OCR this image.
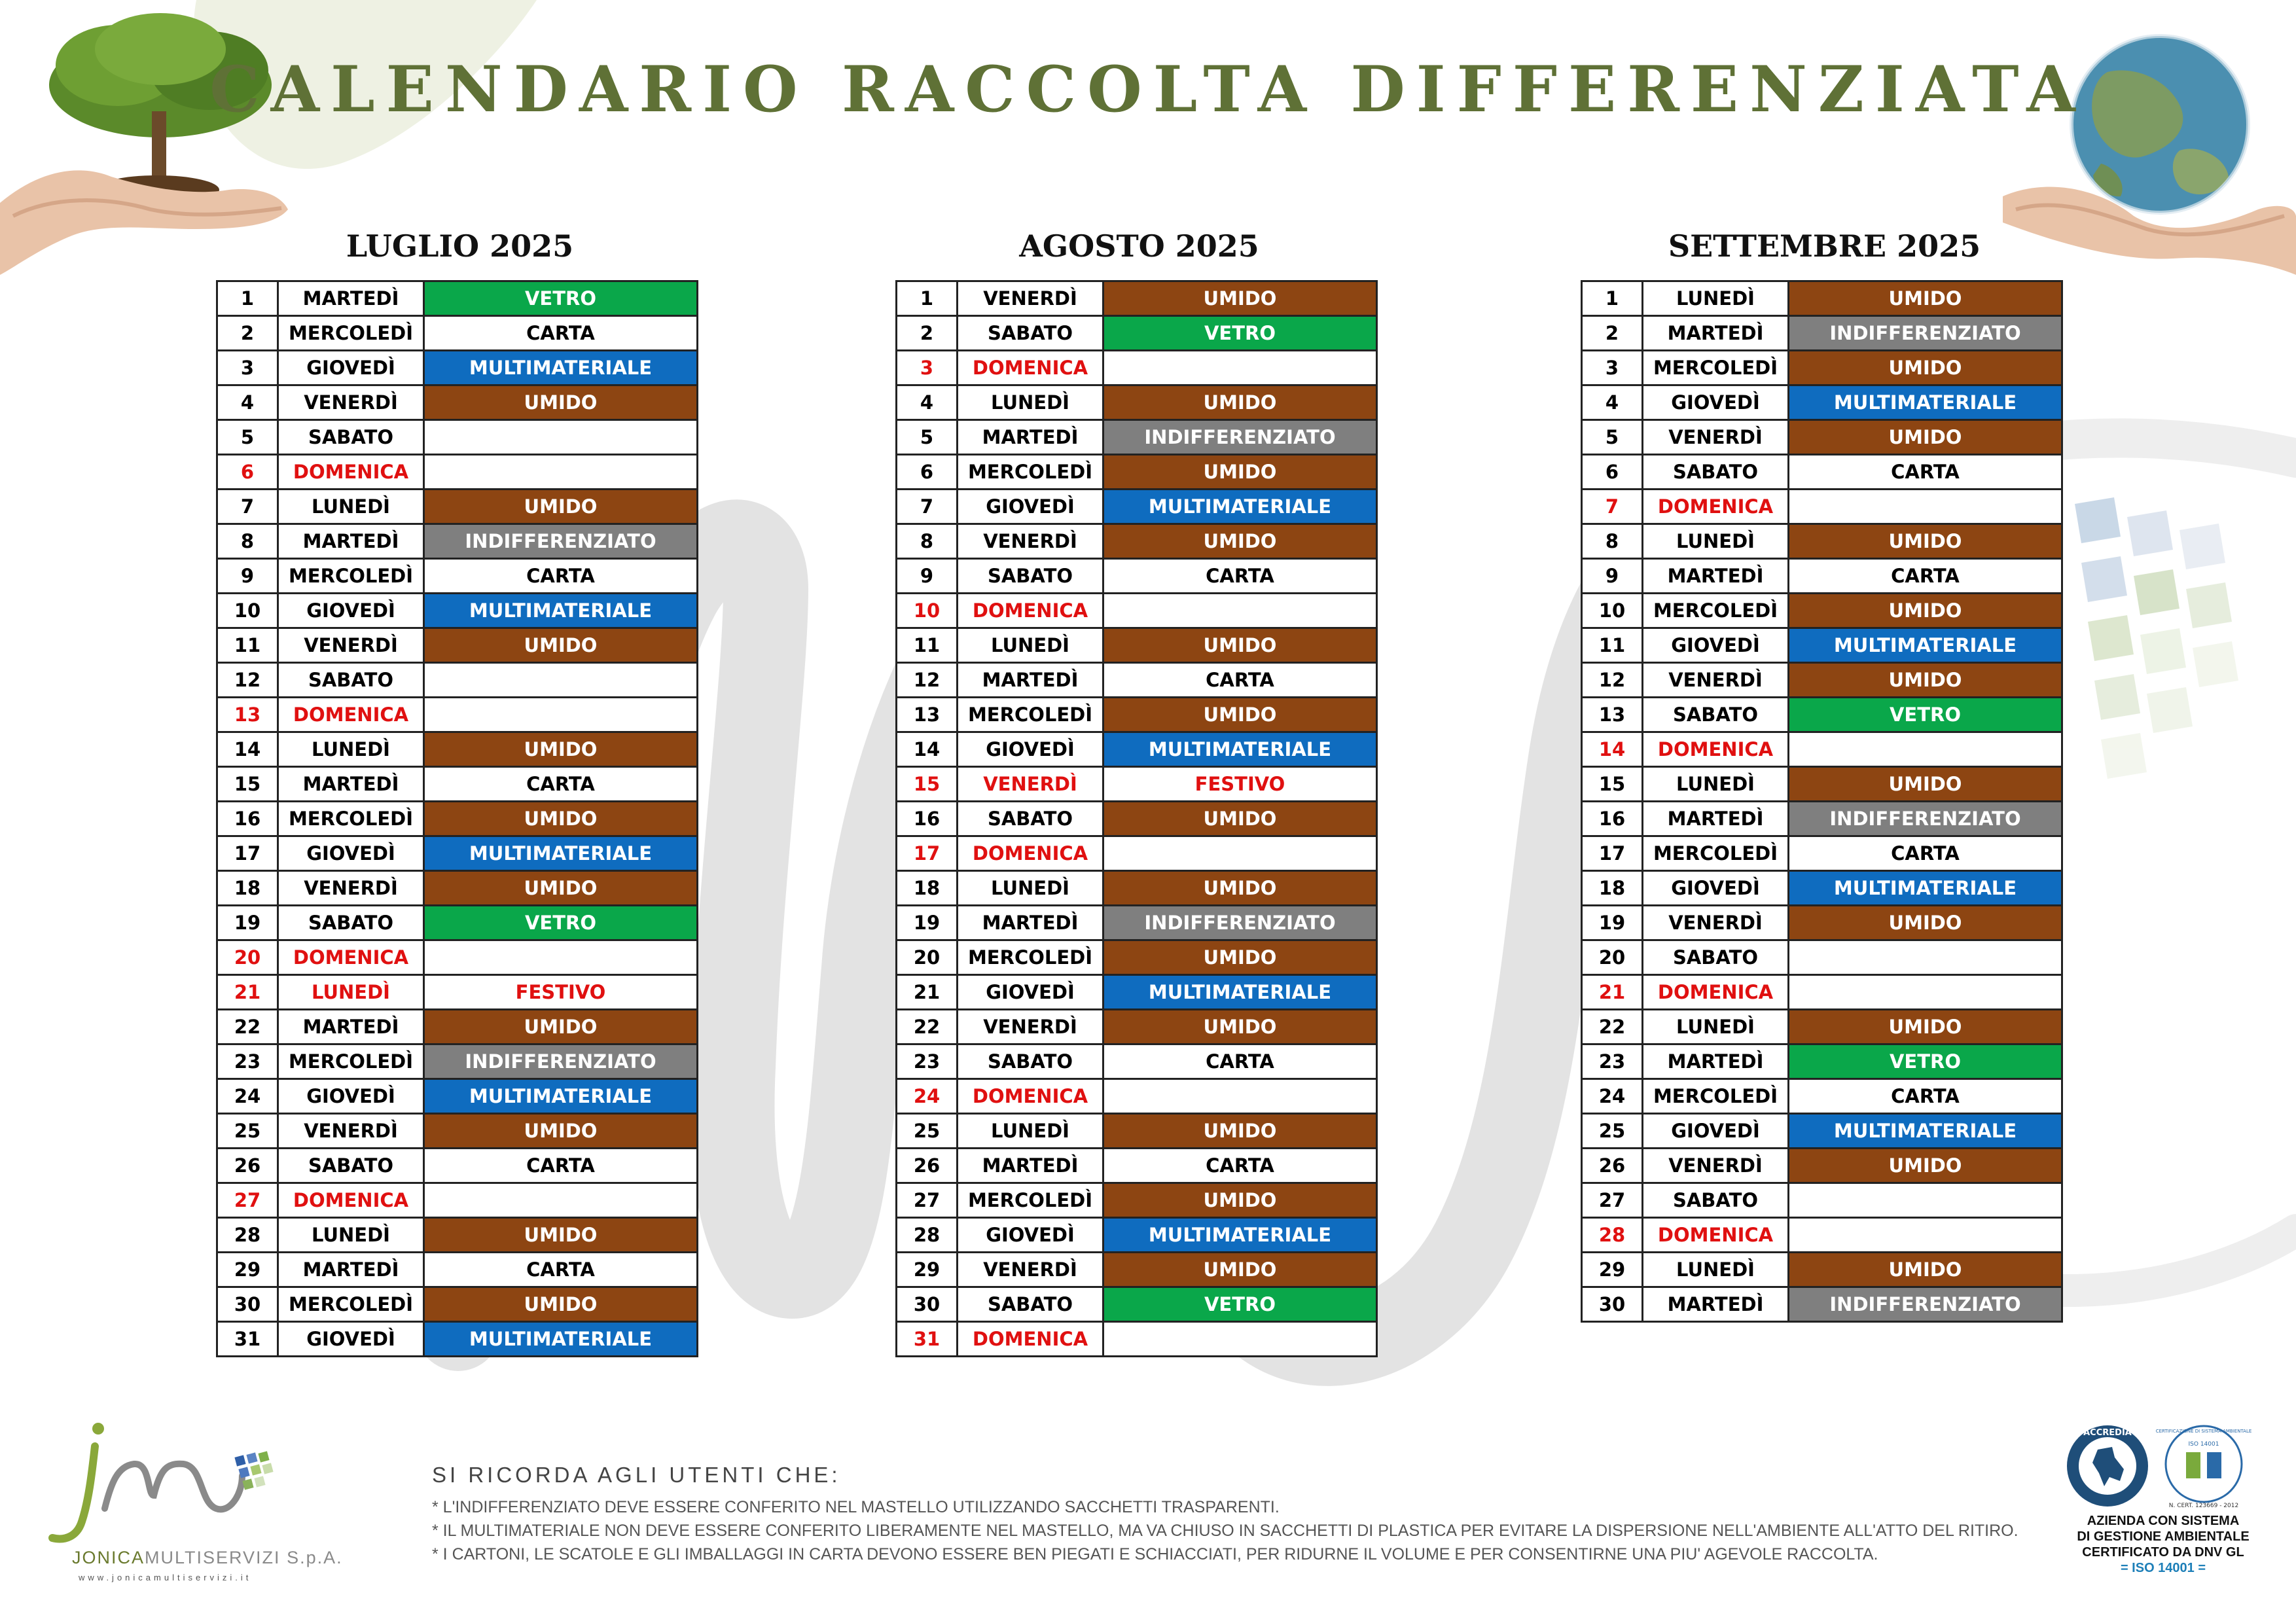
CALENDARIO RACCOLTA DIFFERENZIATA
LUGLIO 2025
1	MARTEDÌ	VETRO
2	MERCOLEDÌ	CARTA
3	GIOVEDÌ	MULTIMATERIALE
4	VENERDÌ	UMIDO
5	SABATO	
6	DOMENICA	
7	LUNEDÌ	UMIDO
8	MARTEDÌ	INDIFFERENZIATO
9	MERCOLEDÌ	CARTA
10	GIOVEDÌ	MULTIMATERIALE
11	VENERDÌ	UMIDO
12	SABATO	
13	DOMENICA	
14	LUNEDÌ	UMIDO
15	MARTEDÌ	CARTA
16	MERCOLEDÌ	UMIDO
17	GIOVEDÌ	MULTIMATERIALE
18	VENERDÌ	UMIDO
19	SABATO	VETRO
20	DOMENICA	
21	LUNEDÌ	FESTIVO
22	MARTEDÌ	UMIDO
23	MERCOLEDÌ	INDIFFERENZIATO
24	GIOVEDÌ	MULTIMATERIALE
25	VENERDÌ	UMIDO
26	SABATO	CARTA
27	DOMENICA	
28	LUNEDÌ	UMIDO
29	MARTEDÌ	CARTA
30	MERCOLEDÌ	UMIDO
31	GIOVEDÌ	MULTIMATERIALE
AGOSTO 2025
1	VENERDÌ	UMIDO
2	SABATO	VETRO
3	DOMENICA	
4	LUNEDÌ	UMIDO
5	MARTEDÌ	INDIFFERENZIATO
6	MERCOLEDÌ	UMIDO
7	GIOVEDÌ	MULTIMATERIALE
8	VENERDÌ	UMIDO
9	SABATO	CARTA
10	DOMENICA	
11	LUNEDÌ	UMIDO
12	MARTEDÌ	CARTA
13	MERCOLEDÌ	UMIDO
14	GIOVEDÌ	MULTIMATERIALE
15	VENERDÌ	FESTIVO
16	SABATO	UMIDO
17	DOMENICA	
18	LUNEDÌ	UMIDO
19	MARTEDÌ	INDIFFERENZIATO
20	MERCOLEDÌ	UMIDO
21	GIOVEDÌ	MULTIMATERIALE
22	VENERDÌ	UMIDO
23	SABATO	CARTA
24	DOMENICA	
25	LUNEDÌ	UMIDO
26	MARTEDÌ	CARTA
27	MERCOLEDÌ	UMIDO
28	GIOVEDÌ	MULTIMATERIALE
29	VENERDÌ	UMIDO
30	SABATO	VETRO
31	DOMENICA	
SETTEMBRE 2025
1	LUNEDÌ	UMIDO
2	MARTEDÌ	INDIFFERENZIATO
3	MERCOLEDÌ	UMIDO
4	GIOVEDÌ	MULTIMATERIALE
5	VENERDÌ	UMIDO
6	SABATO	CARTA
7	DOMENICA	
8	LUNEDÌ	UMIDO
9	MARTEDÌ	CARTA
10	MERCOLEDÌ	UMIDO
11	GIOVEDÌ	MULTIMATERIALE
12	VENERDÌ	UMIDO
13	SABATO	VETRO
14	DOMENICA	
15	LUNEDÌ	UMIDO
16	MARTEDÌ	INDIFFERENZIATO
17	MERCOLEDÌ	CARTA
18	GIOVEDÌ	MULTIMATERIALE
19	VENERDÌ	UMIDO
20	SABATO	
21	DOMENICA	
22	LUNEDÌ	UMIDO
23	MARTEDÌ	VETRO
24	MERCOLEDÌ	CARTA
25	GIOVEDÌ	MULTIMATERIALE
26	VENERDÌ	UMIDO
27	SABATO	
28	DOMENICA	
29	LUNEDÌ	UMIDO
30	MARTEDÌ	INDIFFERENZIATO
JONICAMULTISERVIZI S.p.A.
www.jonicamultiservizi.it
SI RICORDA AGLI UTENTI CHE:
* L'INDIFFERENZIATO DEVE ESSERE CONFERITO NEL MASTELLO UTILIZZANDO SACCHETTI TRASPARENTI.
* IL MULTIMATERIALE NON DEVE ESSERE CONFERITO LIBERAMENTE NEL MASTELLO, MA VA CHIUSO IN SACCHETTI DI PLASTICA PER EVITARE LA DISPERSIONE NELL'AMBIENTE ALL'ATTO DEL RITIRO.
* I CARTONI, LE SCATOLE E GLI IMBALLAGGI IN CARTA DEVONO ESSERE BEN PIEGATI E SCHIACCIATI, PER RIDURNE IL VOLUME E PER CONSENTIRNE UNA PIU' AGEVOLE RACCOLTA.
ACCREDIA	CERTIFICAZIONE DI SISTEMA AMBIENTALE
ISO 14001
N. CERT. 123669 - 2012
AZIENDA CON SISTEMA
DI GESTIONE AMBIENTALE
CERTIFICATO DA DNV GL
= ISO 14001 =
